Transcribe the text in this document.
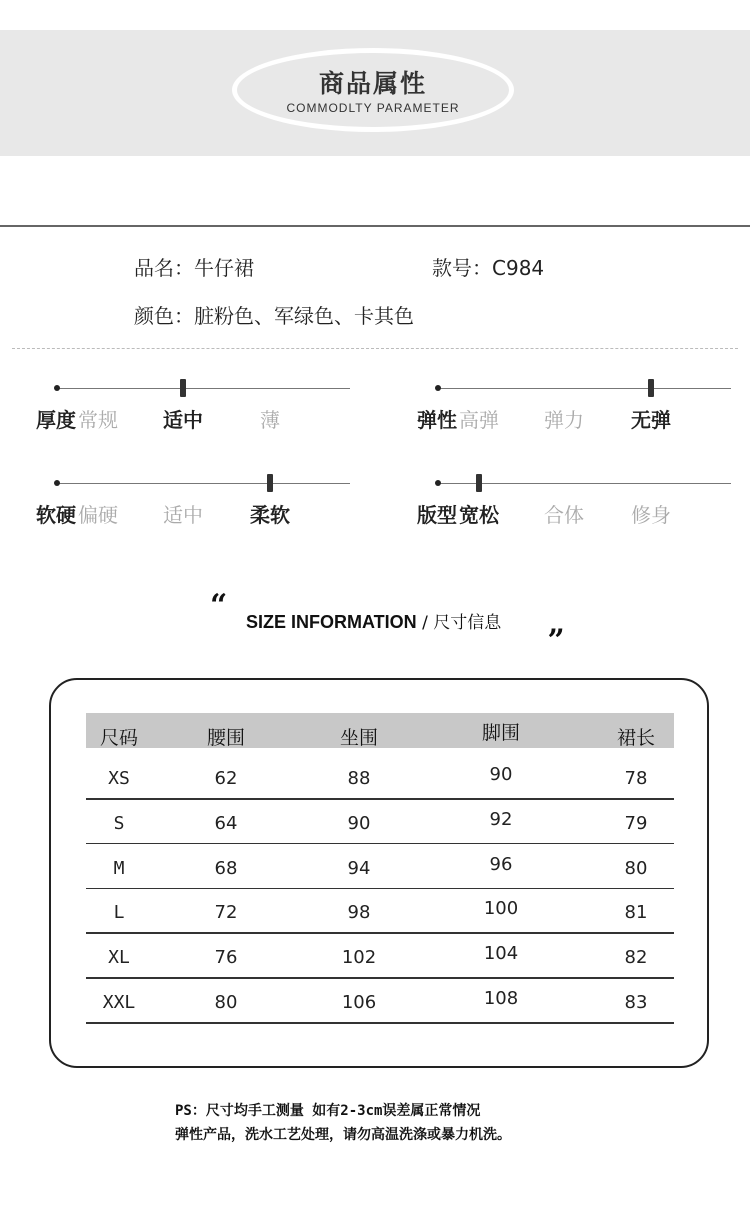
商品属性
COMMODLTY PARAMETER
品名：牛仔裙	款号：C984
颜色：脏粉色、军绿色、卡其色
厚度 常规	适中	薄	弹性 高弹	弹力	无弹
软硬 偏硬	适中	柔软	版型 宽松	合体	修身
“ SIZE INFORMATION / 尺寸信息 „
尺码	腰围	坐围	脚围	裙长
XS	62	88	90	78
S	64	90	92	79
M	68	94	96	80
L	72	98	100	81
XL	76	102	104	82
XXL	80	106	108	83
PS：尺寸均手工测量 如有2-3cm误差属正常情况
弹性产品，洗水工艺处理，请勿高温洗涤或暴力机洗。
